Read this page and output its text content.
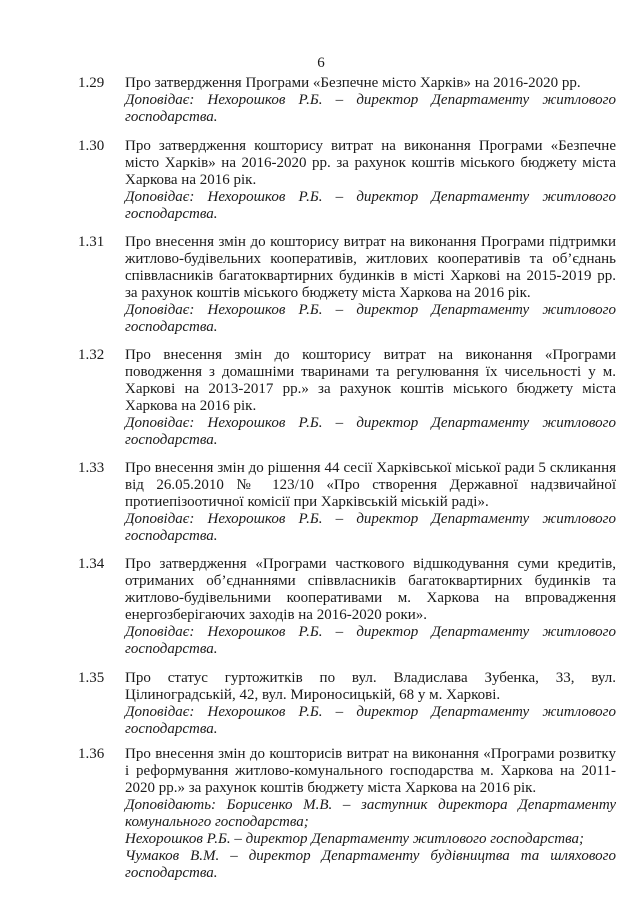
6
1.29 Про затвердження Програми «Безпечне місто Харків» на 2016-2020 рр.
Доповідає: Нехорошков Р.Б. – директор Департаменту житлового господарства.
1.30 Про затвердження кошторису витрат на виконання Програми «Безпечне місто Харків» на 2016-2020 рр. за рахунок коштів міського бюджету міста Харкова на 2016 рік.
Доповідає: Нехорошков Р.Б. – директор Департаменту житлового господарства.
1.31 Про внесення змін до кошторису витрат на виконання Програми підтримки житлово-будівельних кооперативів, житлових кооперативів та об’єднань співвласників багатоквартирних будинків в місті Харкові на 2015-2019 рр. за рахунок коштів міського бюджету міста Харкова на 2016 рік.
Доповідає: Нехорошков Р.Б. – директор Департаменту житлового господарства.
1.32 Про внесення змін до кошторису витрат на виконання «Програми поводження з домашніми тваринами та регулювання їх чисельності у м. Харкові на 2013-2017 рр.» за рахунок коштів міського бюджету міста Харкова на 2016 рік.
Доповідає: Нехорошков Р.Б. – директор Департаменту житлового господарства.
1.33 Про внесення змін до рішення 44 сесії Харківської міської ради 5 скликання від 26.05.2010 № 123/10 «Про створення Державної надзвичайної протиепізоотичної комісії при Харківській міській раді».
Доповідає: Нехорошков Р.Б. – директор Департаменту житлового господарства.
1.34 Про затвердження «Програми часткового відшкодування суми кредитів, отриманих об’єднаннями співвласників багатоквартирних будинків та житлово-будівельними кооперативами м. Харкова на впровадження енергозберігаючих заходів на 2016-2020 роки».
Доповідає: Нехорошков Р.Б. – директор Департаменту житлового господарства.
1.35 Про статус гуртожитків по вул. Владислава Зубенка, 33, вул. Цілиноградській, 42, вул. Мироносицькій, 68 у м. Харкові.
Доповідає: Нехорошков Р.Б. – директор Департаменту житлового господарства.
1.36 Про внесення змін до кошторисів витрат на виконання «Програми розвитку і реформування житлово-комунального господарства м. Харкова на 2011-2020 рр.» за рахунок коштів бюджету міста Харкова на 2016 рік.
Доповідають: Борисенко М.В. – заступник директора Департаменту комунального господарства;
Нехорошков Р.Б. – директор Департаменту житлового господарства;
Чумаков В.М. – директор Департаменту будівництва та шляхового господарства.
